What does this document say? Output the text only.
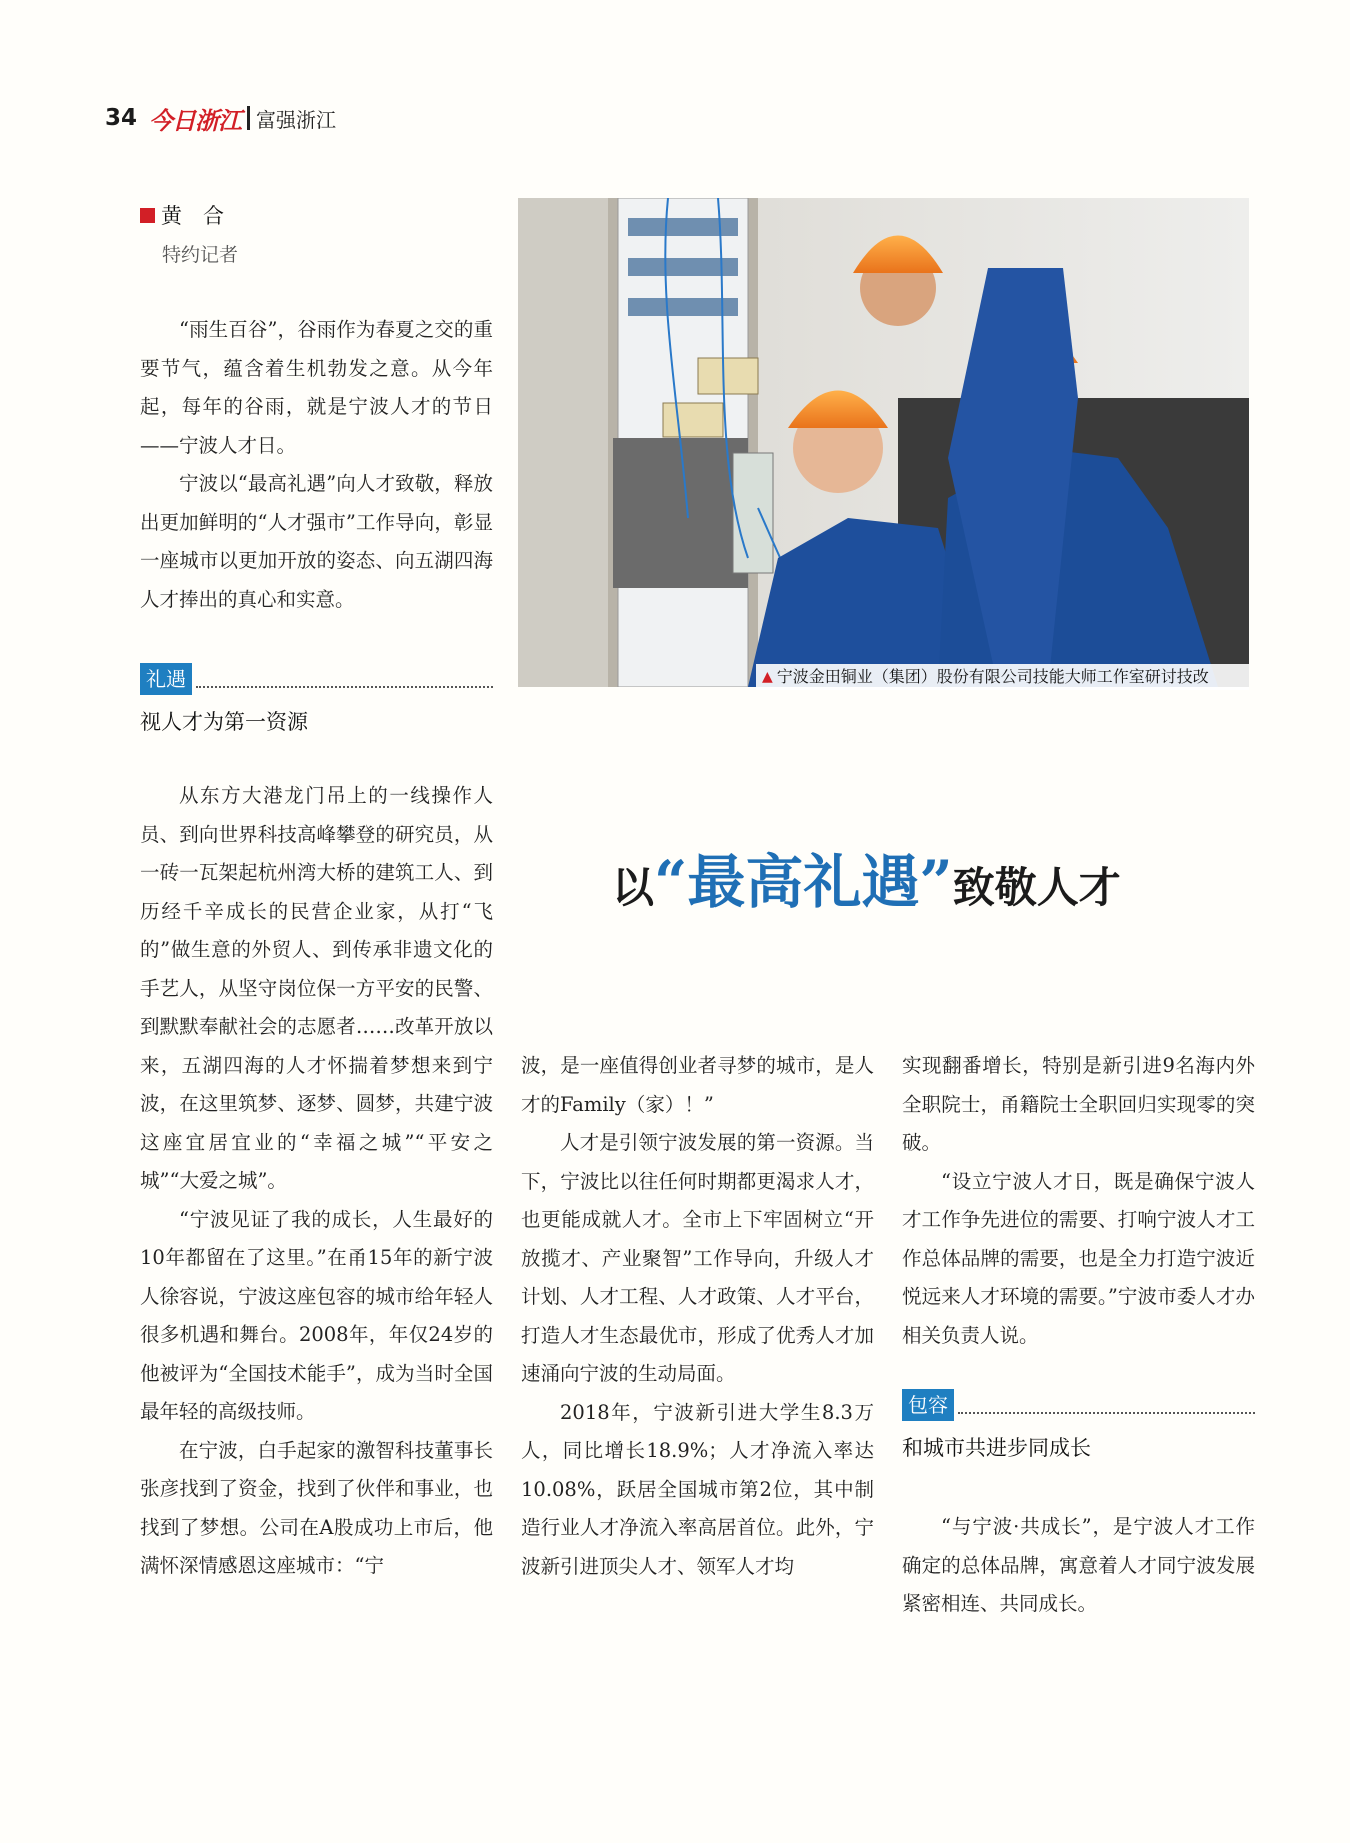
34 今日浙江 富强浙江
黄　合
特约记者

“雨生百谷”，谷雨作为春夏之交的重要节气，蕴含着生机勃发之意。从今年起，每年的谷雨，就是宁波人才的节日——宁波人才日。

宁波以“最高礼遇”向人才致敬，释放出更加鲜明的“人才强市”工作导向，彰显一座城市以更加开放的姿态、向五湖四海人才捧出的真心和实意。

礼遇
视人才为第一资源

从东方大港龙门吊上的一线操作人员、到向世界科技高峰攀登的研究员，从一砖一瓦架起杭州湾大桥的建筑工人、到历经千辛成长的民营企业家，从打“飞的”做生意的外贸人、到传承非遗文化的手艺人，从坚守岗位保一方平安的民警、到默默奉献社会的志愿者……改革开放以来，五湖四海的人才怀揣着梦想来到宁波，在这里筑梦、逐梦、圆梦，共建宁波这座宜居宜业的“幸福之城”“平安之城”“大爱之城”。

“宁波见证了我的成长，人生最好的10年都留在了这里。”在甬15年的新宁波人徐容说，宁波这座包容的城市给年轻人很多机遇和舞台。2008年，年仅24岁的他被评为“全国技术能手”，成为当时全国最年轻的高级技师。

在宁波，白手起家的激智科技董事长张彦找到了资金，找到了伙伴和事业，也找到了梦想。公司在A股成功上市后，他满怀深情感恩这座城市：“宁

▲ 宁波金田铜业（集团）股份有限公司技能大师工作室研讨技改
以 “最高礼遇” 致敬人才

波，是一座值得创业者寻梦的城市，是人才的Family（家）！”

人才是引领宁波发展的第一资源。当下，宁波比以往任何时期都更渴求人才，也更能成就人才。全市上下牢固树立“开放揽才、产业聚智”工作导向，升级人才计划、人才工程、人才政策、人才平台，打造人才生态最优市，形成了优秀人才加速涌向宁波的生动局面。

2018年，宁波新引进大学生8.3万人，同比增长18.9%；人才净流入率达10.08%，跃居全国城市第2位，其中制造行业人才净流入率高居首位。此外，宁波新引进顶尖人才、领军人才均

实现翻番增长，特别是新引进9名海内外全职院士，甬籍院士全职回归实现零的突破。

“设立宁波人才日，既是确保宁波人才工作争先进位的需要、打响宁波人才工作总体品牌的需要，也是全力打造宁波近悦远来人才环境的需要。”宁波市委人才办相关负责人说。

包容
和城市共进步同成长

“与宁波·共成长”，是宁波人才工作确定的总体品牌，寓意着人才同宁波发展紧密相连、共同成长。
